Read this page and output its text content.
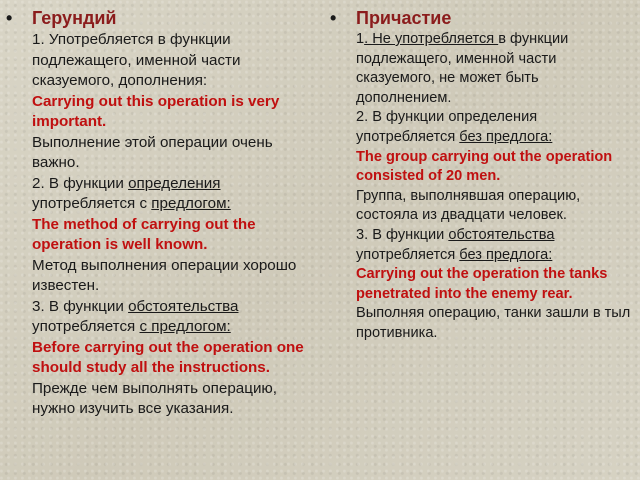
• Герундий

1. Употребляется в функции подлежащего, именной части сказуемого, дополнения:

Carrying out this operation is very important.

Выполнение этой операции очень важно.

2. В функции определения употребляется с предлогом:

The method of carrying out the operation is well known.

Метод выполнения операции хорошо известен.

3. В функции обстоятельства употребляется с предлогом:

Before carrying out the operation one should study all the instructions.

Прежде чем выполнять операцию, нужно изучить все указания.

• Причастие

1. Не употребляется в функции подлежащего, именной части сказуемого, не может быть дополнением.

2. В функции определения употребляется без предлога:

The group carrying out the operation consisted of 20 men.

Группа, выполнявшая операцию, состояла из двадцати человек.

3. В функции обстоятельства употребляется без предлога:

Carrying out the operation the tanks penetrated into the enemy rear.

Выполняя операцию, танки зашли в тыл противника.
